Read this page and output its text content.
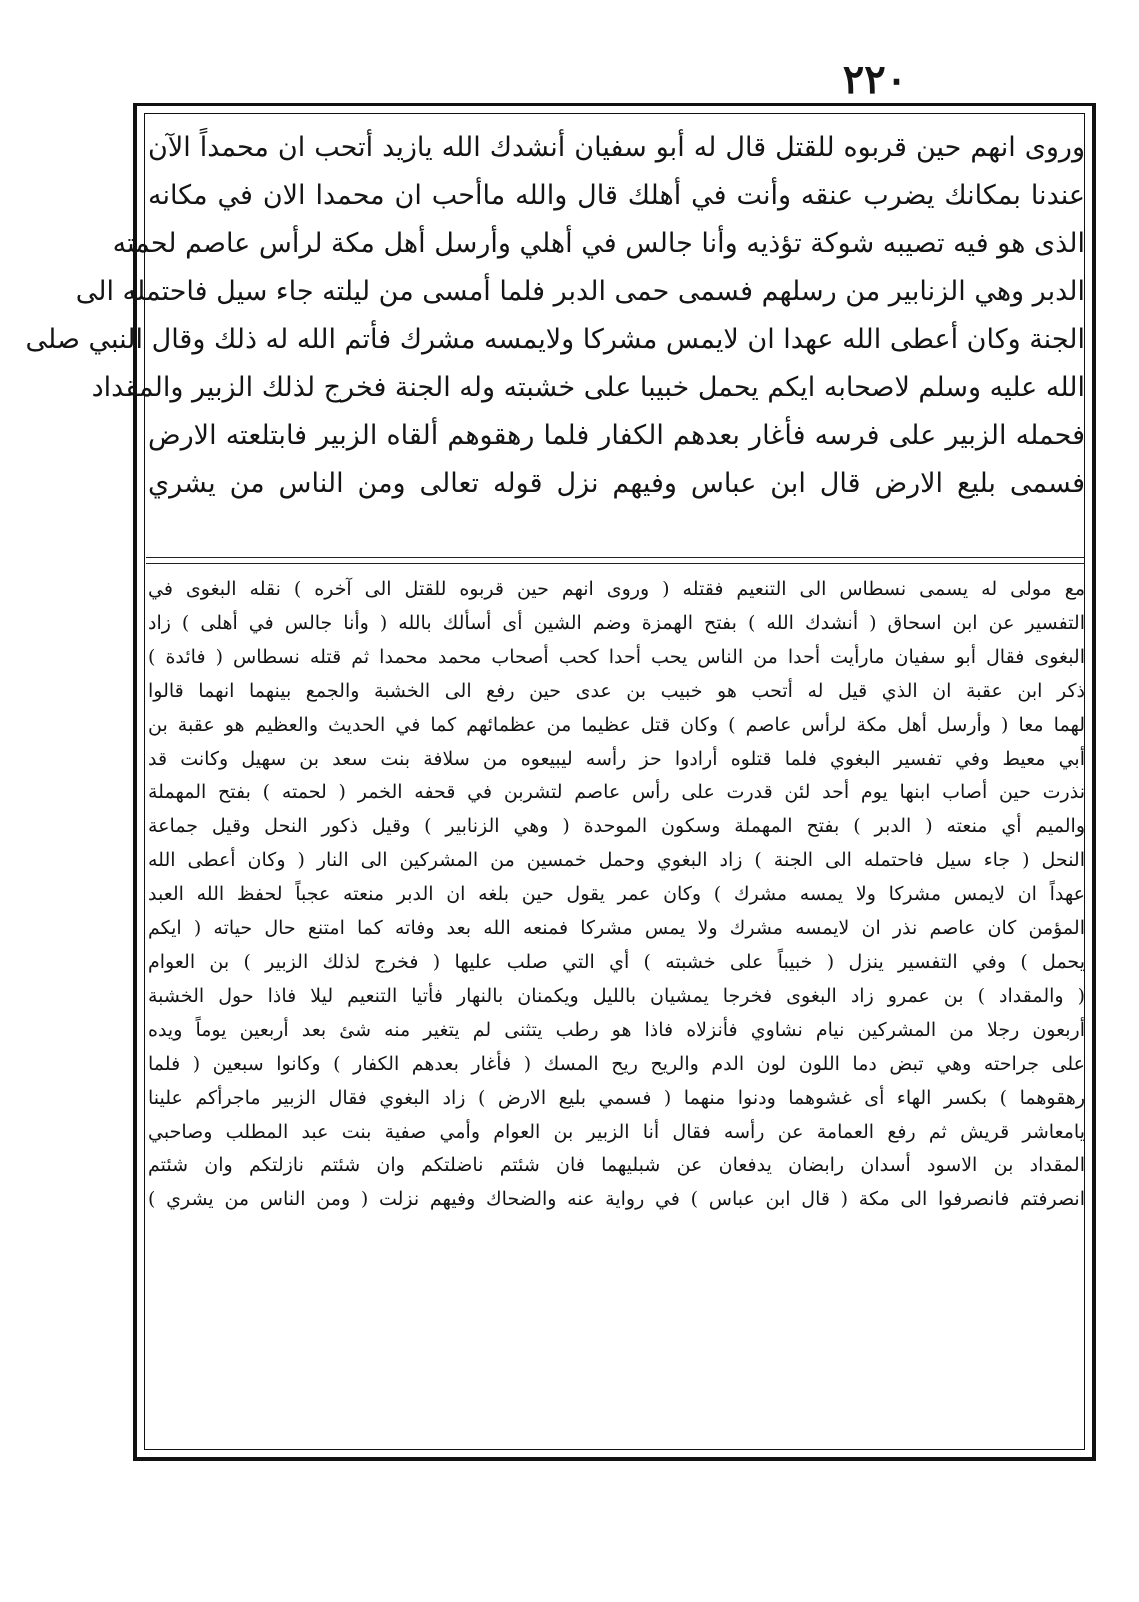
٢٢٠
وروى انهم حين قربوه للقتل قال له أبو سفيان أنشدك الله يازيد أتحب ان محمداً الآن
عندنا بمكانك يضرب عنقه وأنت في أهلك قال والله ماأحب ان محمدا الان في مكانه
الذى هو فيه تصيبه شوكة تؤذيه وأنا جالس في أهلي وأرسل أهل مكة لرأس عاصم لحمته
الدبر وهي الزنابير من رسلهم فسمى حمى الدبر فلما أمسى من ليلته جاء سيل فاحتمله الى
الجنة وكان أعطى الله عهدا ان لايمس مشركا ولايمسه مشرك فأتم الله له ذلك وقال النبي صلى
الله عليه وسلم لاصحابه ايكم يحمل خبيبا على خشبته وله الجنة فخرج لذلك الزبير والمقداد
فحمله الزبير على فرسه فأغار بعدهم الكفار فلما رهقوهم ألقاه الزبير فابتلعته الارض
فسمى بليع الارض قال ابن عباس وفيهم نزل قوله تعالى ومن الناس من يشري
مع مولى له يسمى نسطاس الى التنعيم فقتله ( وروى انهم حين قربوه للقتل الى آخره ) نقله البغوى في
التفسير عن ابن اسحاق ( أنشدك الله ) بفتح الهمزة وضم الشين أى أسألك بالله ( وأنا جالس في أهلى ) زاد
البغوى فقال أبو سفيان مارأيت أحدا من الناس يحب أحدا كحب أصحاب محمد محمدا ثم قتله نسطاس ( فائدة )
ذكر ابن عقبة ان الذي قيل له أتحب هو خبيب بن عدى حين رفع الى الخشبة والجمع بينهما انهما قالوا
لهما معا ( وأرسل أهل مكة لرأس عاصم ) وكان قتل عظيما من عظمائهم كما في الحديث والعظيم هو عقبة بن
أبي معيط وفي تفسير البغوي فلما قتلوه أرادوا حز رأسه ليبيعوه من سلافة بنت سعد بن سهيل وكانت قد
نذرت حين أصاب ابنها يوم أحد لئن قدرت على رأس عاصم لتشربن في قحفه الخمر ( لحمته ) بفتح المهملة
والميم أي منعته ( الدبر ) بفتح المهملة وسكون الموحدة ( وهي الزنابير ) وقيل ذكور النحل وقيل جماعة
النحل ( جاء سيل فاحتمله الى الجنة ) زاد البغوي وحمل خمسين من المشركين الى النار ( وكان أعطى الله
عهداً ان لايمس مشركا ولا يمسه مشرك ) وكان عمر يقول حين بلغه ان الدبر منعته عجباً لحفظ الله العبد
المؤمن كان عاصم نذر ان لايمسه مشرك ولا يمس مشركا فمنعه الله بعد وفاته كما امتنع حال حياته ( ايكم
يحمل ) وفي التفسير ينزل ( خبيباً على خشبته ) أي التي صلب عليها ( فخرج لذلك الزبير ) بن العوام
( والمقداد ) بن عمرو زاد البغوى فخرجا يمشيان بالليل ويكمنان بالنهار فأتيا التنعيم ليلا فاذا حول الخشبة
أربعون رجلا من المشركين نيام نشاوي فأنزلاه فاذا هو رطب يتثنى لم يتغير منه شئ بعد أربعين يوماً ويده
على جراحته وهي تبض دما اللون لون الدم والريح ريح المسك ( فأغار بعدهم الكفار ) وكانوا سبعين ( فلما
رهقوهما ) بكسر الهاء أى غشوهما ودنوا منهما ( فسمي بليع الارض ) زاد البغوي فقال الزبير ماجرأكم علينا
يامعاشر قريش ثم رفع العمامة عن رأسه فقال أنا الزبير بن العوام وأمي صفية بنت عبد المطلب وصاحبي
المقداد بن الاسود أسدان رابضان يدفعان عن شبليهما فان شئتم ناضلتكم وان شئتم نازلتكم وان شئتم
انصرفتم فانصرفوا الى مكة ( قال ابن عباس ) في رواية عنه والضحاك وفيهم نزلت ( ومن الناس من يشري )
